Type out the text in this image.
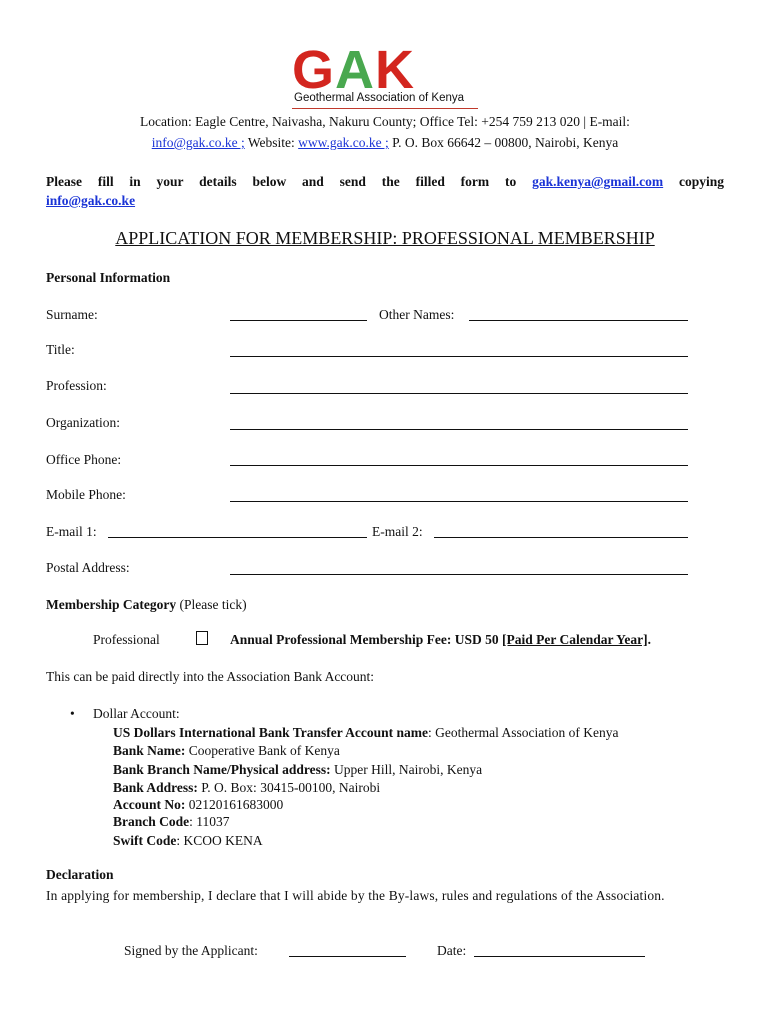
GAK
Geothermal Association of Kenya
Location: Eagle Centre, Naivasha, Nakuru County; Office Tel: +254 759 213 020 | E-mail:
info@gak.co.ke ; Website: www.gak.co.ke ; P. O. Box 66642 – 00800, Nairobi, Kenya
Please fill in your details below and send the filled form to gak.kenya@gmail.com copying
info@gak.co.ke
APPLICATION FOR MEMBERSHIP: PROFESSIONAL MEMBERSHIP
Personal Information
Surname:	Other Names:
Title:
Profession:
Organization:
Office Phone:
Mobile Phone:
E-mail 1:	E-mail 2:
Postal Address:
Membership Category (Please tick)
Professional	Annual Professional Membership Fee: USD 50 [Paid Per Calendar Year].
This can be paid directly into the Association Bank Account:
• Dollar Account:
US Dollars International Bank Transfer Account name: Geothermal Association of Kenya
Bank Name: Cooperative Bank of Kenya
Bank Branch Name/Physical address: Upper Hill, Nairobi, Kenya
Bank Address: P. O. Box: 30415-00100, Nairobi
Account No: 02120161683000
Branch Code: 11037
Swift Code: KCOO KENA
Declaration
In applying for membership, I declare that I will abide by the By-laws, rules and regulations of the Association.
Signed by the Applicant:	Date:
